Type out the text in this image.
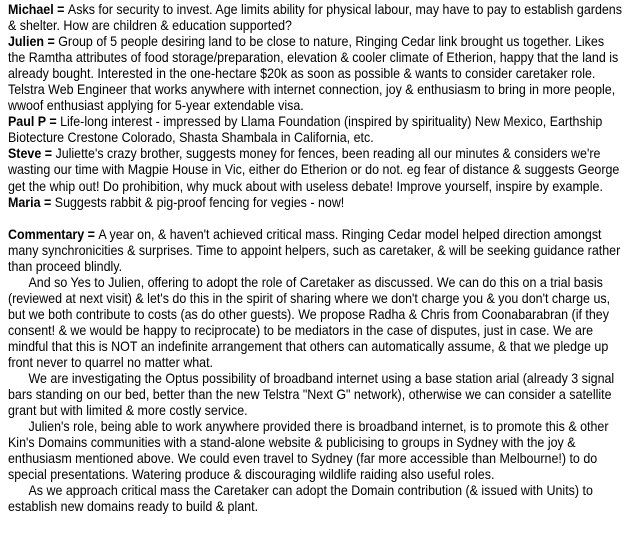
Michael = Asks for security to invest. Age limits ability for physical labour, may have to pay to establish gardens & shelter. How are children & education supported?

Julien = Group of 5 people desiring land to be close to nature, Ringing Cedar link brought us together. Likes the Ramtha attributes of food storage/preparation, elevation & cooler climate of Etherion, happy that the land is already bought. Interested in the one-hectare $20k as soon as possible & wants to consider caretaker role. Telstra Web Engineer that works anywhere with internet connection, joy & enthusiasm to bring in more people, wwoof enthusiast applying for 5-year extendable visa.

Paul P = Life-long interest - impressed by Llama Foundation (inspired by spirituality) New Mexico, Earthship Biotecture Crestone Colorado, Shasta Shambala in California, etc.

Steve = Juliette's crazy brother, suggests money for fences, been reading all our minutes & considers we're wasting our time with Magpie House in Vic, either do Etherion or do not. eg fear of distance & suggests George get the whip out! Do prohibition, why muck about with useless debate! Improve yourself, inspire by example.

Maria = Suggests rabbit & pig-proof fencing for vegies - now!

Commentary = A year on, & haven't achieved critical mass. Ringing Cedar model helped direction amongst many synchronicities & surprises. Time to appoint helpers, such as caretaker, & will be seeking guidance rather than proceed blindly.

And so Yes to Julien, offering to adopt the role of Caretaker as discussed. We can do this on a trial basis (reviewed at next visit) & let's do this in the spirit of sharing where we don't charge you & you don't charge us, but we both contribute to costs (as do other guests). We propose Radha & Chris from Coonabarabran (if they consent! & we would be happy to reciprocate) to be mediators in the case of disputes, just in case. We are mindful that this is NOT an indefinite arrangement that others can automatically assume, & that we pledge up front never to quarrel no matter what.

We are investigating the Optus possibility of broadband internet using a base station arial (already 3 signal bars standing on our bed, better than the new Telstra "Next G" network), otherwise we can consider a satellite grant but with limited & more costly service.

Julien's role, being able to work anywhere provided there is broadband internet, is to promote this & other Kin's Domains communities with a stand-alone website & publicising to groups in Sydney with the joy & enthusiasm mentioned above. We could even travel to Sydney (far more accessible than Melbourne!) to do special presentations. Watering produce & discouraging wildlife raiding also useful roles.

As we approach critical mass the Caretaker can adopt the Domain contribution (& issued with Units) to establish new domains ready to build & plant.
